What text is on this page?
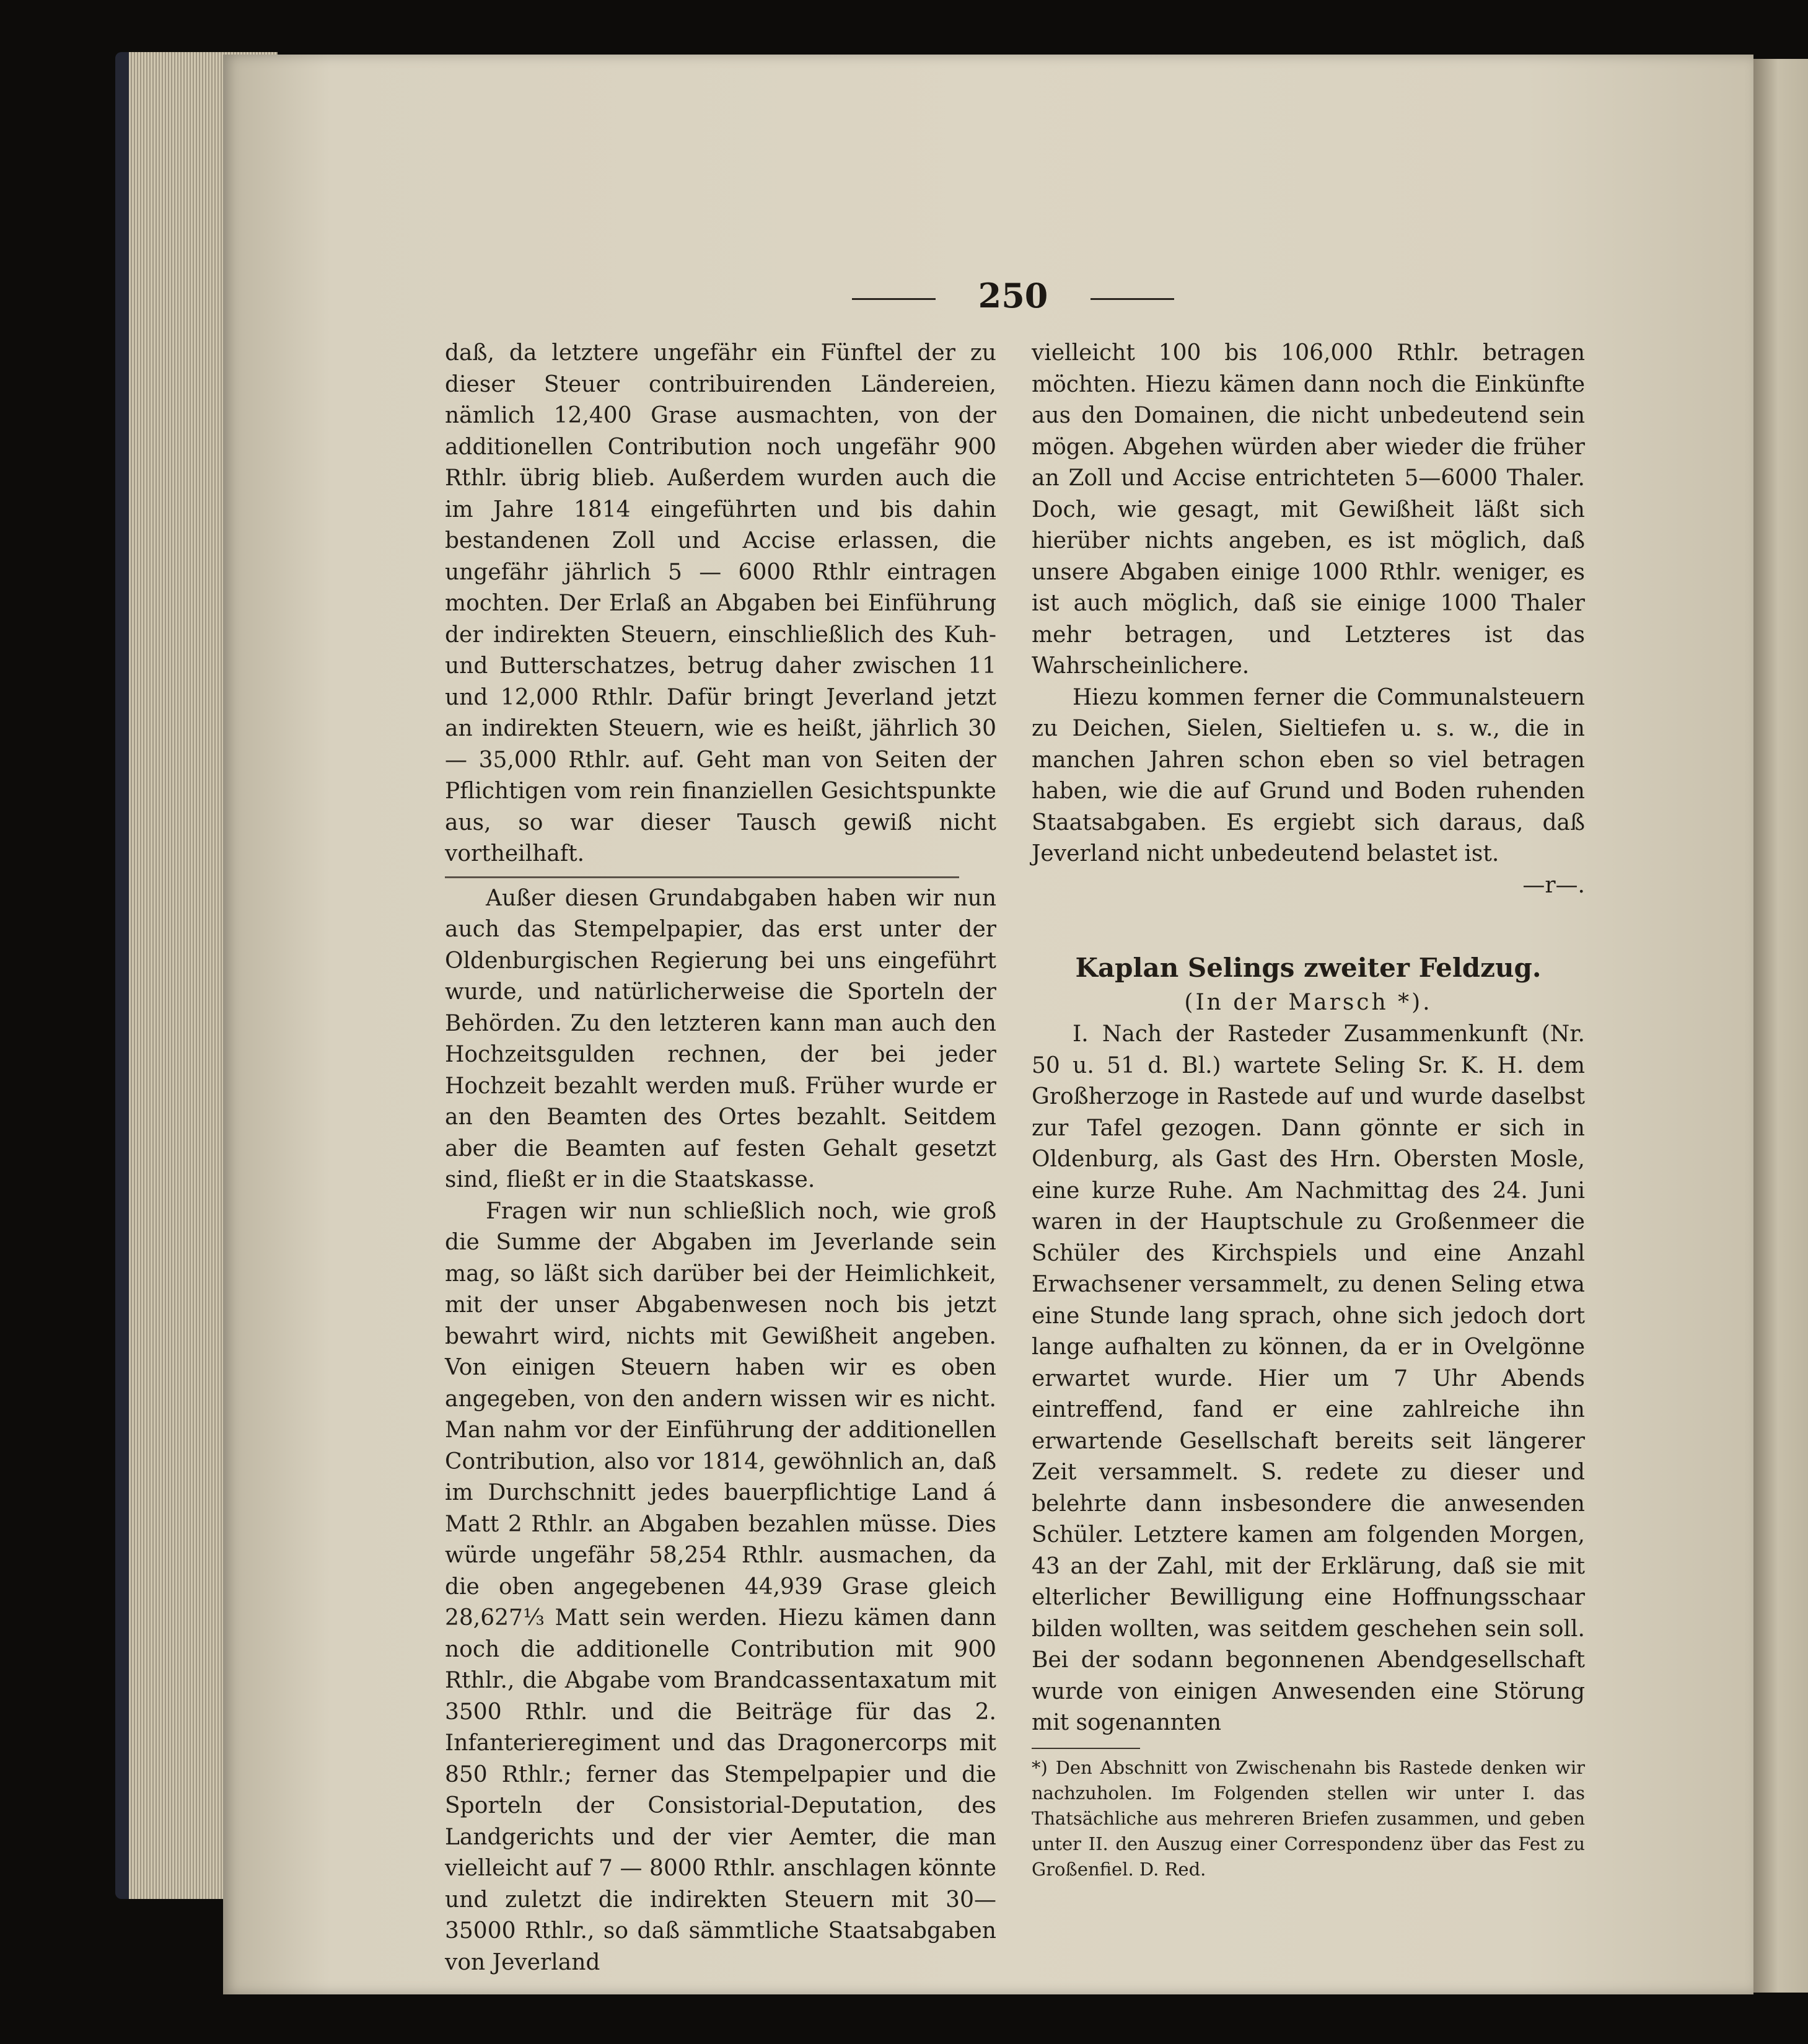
250

daß, da letztere ungefähr ein Fünftel der zu dieser Steuer contribuirenden Ländereien, nämlich 12,400 Grase ausmachten, von der additionellen Contribution noch ungefähr 900 Rthlr. übrig blieb. Außerdem wurden auch die im Jahre 1814 eingeführten und bis dahin bestandenen Zoll und Accise erlassen, die ungefähr jährlich 5 — 6000 Rthlr eintragen mochten. Der Erlaß an Abgaben bei Einführung der indirekten Steuern, einschließlich des Kuh- und Butterschatzes, betrug daher zwischen 11 und 12,000 Rthlr. Dafür bringt Jeverland jetzt an indirekten Steuern, wie es heißt, jährlich 30 — 35,000 Rthlr. auf. Geht man von Seiten der Pflichtigen vom rein finanziellen Gesichtspunkte aus, so war dieser Tausch gewiß nicht vortheilhaft.

Außer diesen Grundabgaben haben wir nun auch das Stempelpapier, das erst unter der Oldenburgischen Regierung bei uns eingeführt wurde, und natürlicherweise die Sporteln der Behörden. Zu den letzteren kann man auch den Hochzeitsgulden rechnen, der bei jeder Hochzeit bezahlt werden muß. Früher wurde er an den Beamten des Ortes bezahlt. Seitdem aber die Beamten auf festen Gehalt gesetzt sind, fließt er in die Staatskasse.

Fragen wir nun schließlich noch, wie groß die Summe der Abgaben im Jeverlande sein mag, so läßt sich darüber bei der Heimlichkeit, mit der unser Abgabenwesen noch bis jetzt bewahrt wird, nichts mit Gewißheit angeben. Von einigen Steuern haben wir es oben angegeben, von den andern wissen wir es nicht. Man nahm vor der Einführung der additionellen Contribution, also vor 1814, gewöhnlich an, daß im Durchschnitt jedes bauerpflichtige Land á Matt 2 Rthlr. an Abgaben bezahlen müsse. Dies würde ungefähr 58,254 Rthlr. ausmachen, da die oben angegebenen 44,939 Grase gleich 28,627⅓ Matt sein werden. Hiezu kämen dann noch die additionelle Contribution mit 900 Rthlr., die Abgabe vom Brandcassentaxatum mit 3500 Rthlr. und die Beiträge für das 2. Infanterieregiment und das Dragonercorps mit 850 Rthlr.; ferner das Stempelpapier und die Sporteln der Consistorial-Deputation, des Landgerichts und der vier Aemter, die man vielleicht auf 7 — 8000 Rthlr. anschlagen könnte und zuletzt die indirekten Steuern mit 30—35000 Rthlr., so daß sämmtliche Staatsabgaben von Jeverland

vielleicht 100 bis 106,000 Rthlr. betragen möchten. Hiezu kämen dann noch die Einkünfte aus den Domainen, die nicht unbedeutend sein mögen. Abgehen würden aber wieder die früher an Zoll und Accise entrichteten 5—6000 Thaler. Doch, wie gesagt, mit Gewißheit läßt sich hierüber nichts angeben, es ist möglich, daß unsere Abgaben einige 1000 Rthlr. weniger, es ist auch möglich, daß sie einige 1000 Thaler mehr betragen, und Letzteres ist das Wahrscheinlichere.

Hiezu kommen ferner die Communalsteuern zu Deichen, Sielen, Sieltiefen u. s. w., die in manchen Jahren schon eben so viel betragen haben, wie die auf Grund und Boden ruhenden Staatsabgaben. Es ergiebt sich daraus, daß Jeverland nicht unbedeutend belastet ist.

—r—.

Kaplan Selings zweiter Feldzug.
(In der Marsch *).

I. Nach der Rasteder Zusammenkunft (Nr. 50 u. 51 d. Bl.) wartete Seling Sr. K. H. dem Großherzoge in Rastede auf und wurde daselbst zur Tafel gezogen. Dann gönnte er sich in Oldenburg, als Gast des Hrn. Obersten Mosle, eine kurze Ruhe. Am Nachmittag des 24. Juni waren in der Hauptschule zu Großenmeer die Schüler des Kirchspiels und eine Anzahl Erwachsener versammelt, zu denen Seling etwa eine Stunde lang sprach, ohne sich jedoch dort lange aufhalten zu können, da er in Ovelgönne erwartet wurde. Hier um 7 Uhr Abends eintreffend, fand er eine zahlreiche ihn erwartende Gesellschaft bereits seit längerer Zeit versammelt. S. redete zu dieser und belehrte dann insbesondere die anwesenden Schüler. Letztere kamen am folgenden Morgen, 43 an der Zahl, mit der Erklärung, daß sie mit elterlicher Bewilligung eine Hoffnungsschaar bilden wollten, was seitdem geschehen sein soll. Bei der sodann begonnenen Abendgesellschaft wurde von einigen Anwesenden eine Störung mit sogenannten

*) Den Abschnitt von Zwischenahn bis Rastede denken wir nachzuholen. Im Folgenden stellen wir unter I. das Thatsächliche aus mehreren Briefen zusammen, und geben unter II. den Auszug einer Correspondenz über das Fest zu Großenfiel. D. Red.
